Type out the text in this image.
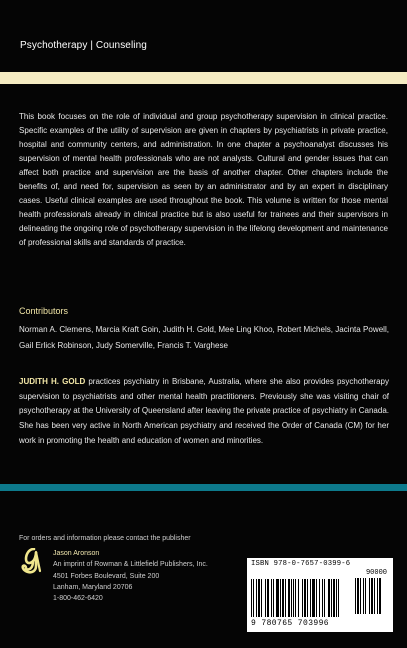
Psychotherapy | Counseling

This book focuses on the role of individual and group psychotherapy supervision in clinical practice. Specific examples of the utility of supervision are given in chapters by psychiatrists in private practice, hospital and community centers, and administration. In one chapter a psychoanalyst discusses his supervision of mental health professionals who are not analysts. Cultural and gender issues that can affect both practice and supervision are the basis of another chapter. Other chapters include the benefits of, and need for, supervision as seen by an administrator and by an expert in disciplinary cases. Useful clinical examples are used throughout the book. This volume is written for those mental health professionals already in clinical practice but is also useful for trainees and their supervisors in delineating the ongoing role of psychotherapy supervision in the lifelong development and maintenance of professional skills and standards of practice.

Contributors

Norman A. Clemens, Marcia Kraft Goin, Judith H. Gold, Mee Ling Khoo, Robert Michels, Jacinta Powell, Gail Erlick Robinson, Judy Somerville, Francis T. Varghese

JUDITH H. GOLD practices psychiatry in Brisbane, Australia, where she also provides psychotherapy supervision to psychiatrists and other mental health practitioners. Previously she was visiting chair of psychotherapy at the University of Queensland after leaving the private practice of psychiatry in Canada. She has been very active in North American psychiatry and received the Order of Canada (CM) for her work in promoting the health and education of women and minorities.

For orders and information please contact the publisher
Jason Aronson
An imprint of Rowman & Littlefield Publishers, Inc.
4501 Forbes Boulevard, Suite 200
Lanham, Maryland 20706
1-800-462-6420
ISBN 978-0-7657-0399-6
90000
9 780765 703996
